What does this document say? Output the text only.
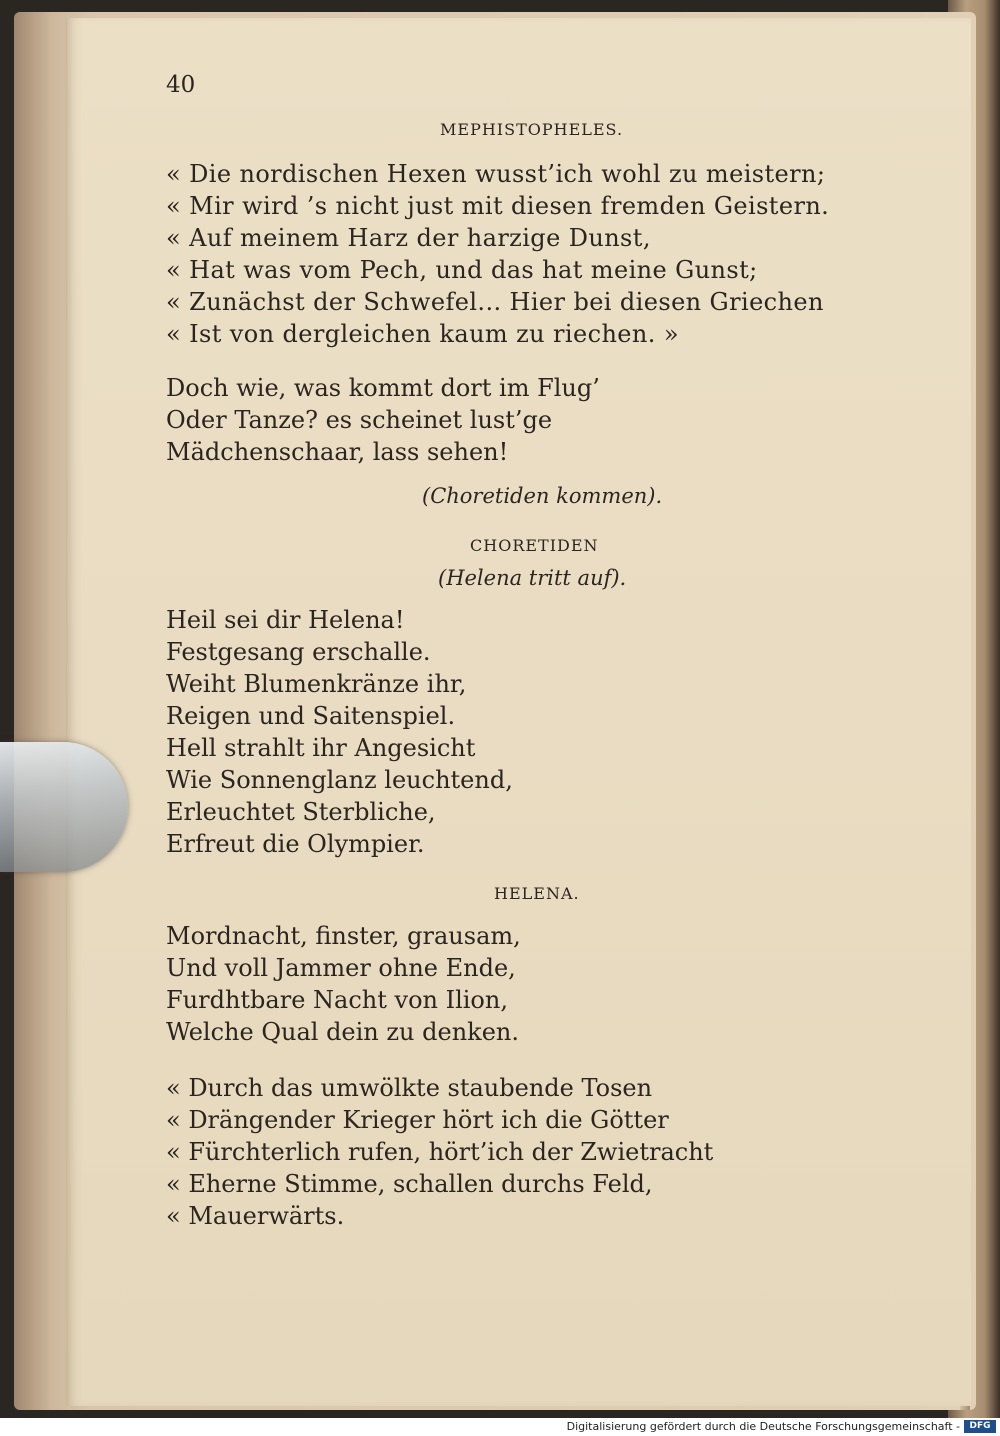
40
MEPHISTOPHELES.
« Die nordischen Hexen wusst’ich wohl zu meistern;
« Mir wird ’s nicht just mit diesen fremden Geistern.
« Auf meinem Harz der harzige Dunst,
« Hat was vom Pech, und das hat meine Gunst;
« Zunächst der Schwefel... Hier bei diesen Griechen
« Ist von dergleichen kaum zu riechen. »
Doch wie, was kommt dort im Flug’
Oder Tanze? es scheinet lust’ge
Mädchenschaar, lass sehen!
(Choretiden kommen).
CHORETIDEN
(Helena tritt auf).
Heil sei dir Helena!
Festgesang erschalle.
Weiht Blumenkränze ihr,
Reigen und Saitenspiel.
Hell strahlt ihr Angesicht
Wie Sonnenglanz leuchtend,
Erleuchtet Sterbliche,
Erfreut die Olympier.
HELENA.
Mordnacht, finster, grausam,
Und voll Jammer ohne Ende,
Furdhtbare Nacht von Ilion,
Welche Qual dein zu denken.
« Durch das umwölkte staubende Tosen
« Drängender Krieger hört ich die Götter
« Fürchterlich rufen, hört’ich der Zwietracht
« Eherne Stimme, schallen durchs Feld,
« Mauerwärts.
Digitalisierung gefördert durch die Deutsche Forschungsgemeinschaft -	DFG
